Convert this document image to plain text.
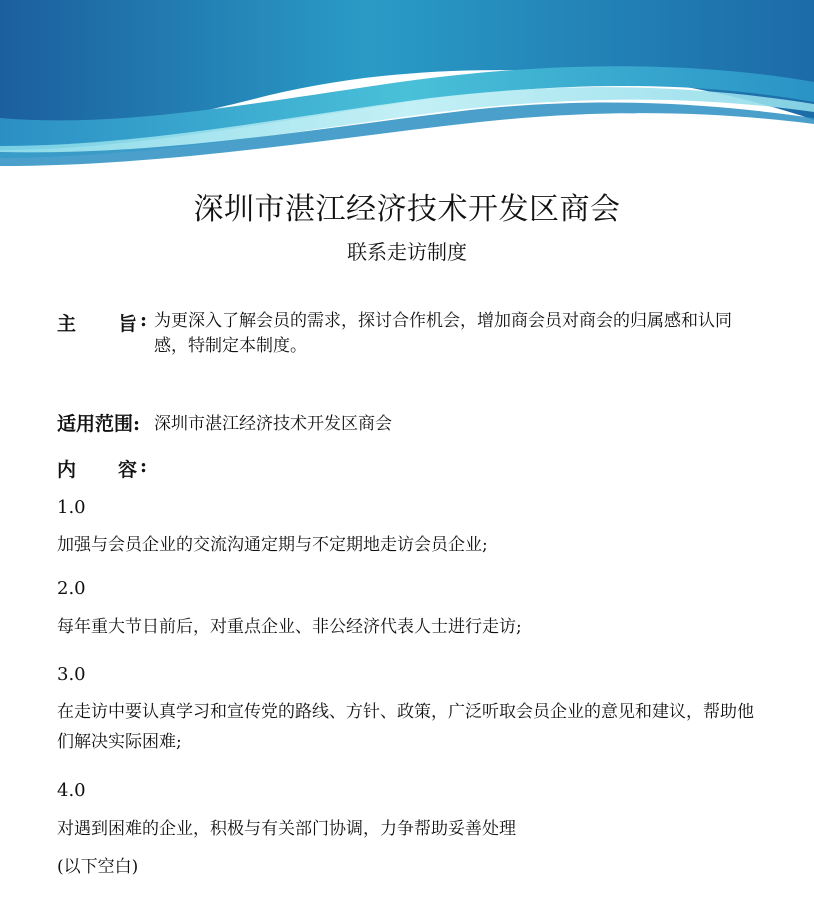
深圳市湛江经济技术开发区商会
联系走访制度
主 旨 : 为更深入了解会员的需求，探讨合作机会，增加商会员对商会的归属感和认同感，特制定本制度。
适用范围: 深圳市湛江经济技术开发区商会
内 容 :
1.0
加强与会员企业的交流沟通定期与不定期地走访会员企业;
2.0
每年重大节日前后，对重点企业、非公经济代表人士进行走访;
3.0
在走访中要认真学习和宣传党的路线、方针、政策，广泛听取会员企业的意见和建议，帮助他们解决实际困难;
4.0
对遇到困难的企业，积极与有关部门协调，力争帮助妥善处理
(以下空白)
